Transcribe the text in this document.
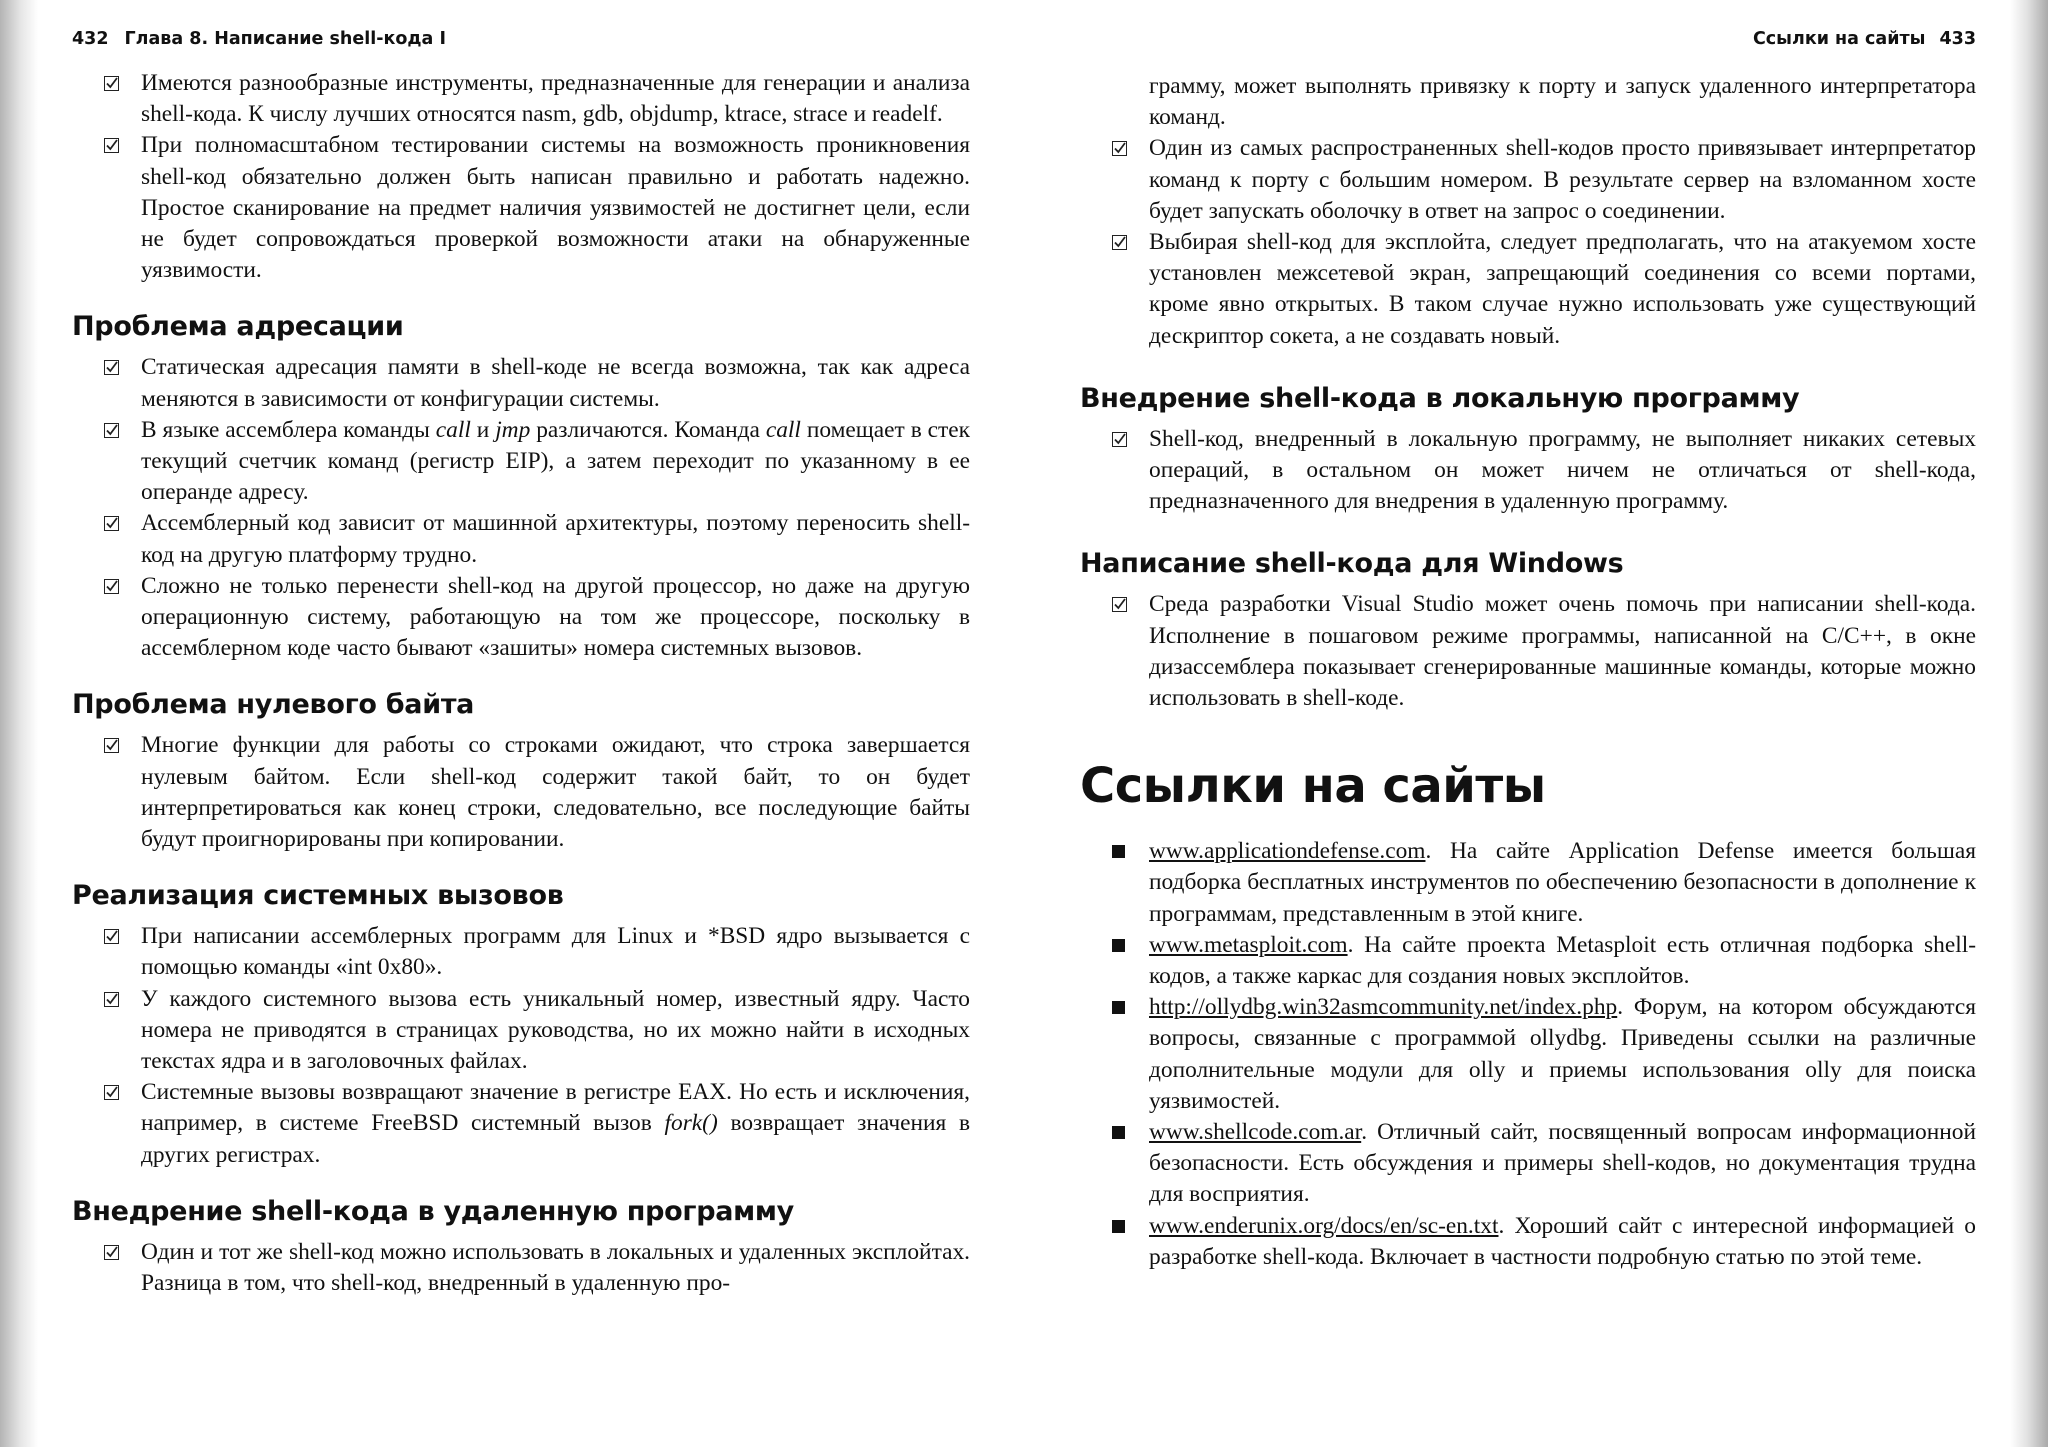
432 Глава 8. Написание shell-кода I
Имеются разнообразные инструменты, предназначенные для генерации и анализа shell-кода. К числу лучших относятся nasm, gdb, objdump, ktrace, strace и readelf.
При полномасштабном тестировании системы на возможность проникновения shell-код обязательно должен быть написан правильно и работать надежно. Простое сканирование на предмет наличия уязвимостей не достигнет цели, если не будет сопровождаться проверкой возможности атаки на обнаруженные уязвимости.
Проблема адресации
Статическая адресация памяти в shell-коде не всегда возможна, так как адреса меняются в зависимости от конфигурации системы.
В языке ассемблера команды call и jmp различаются. Команда call помещает в стек текущий счетчик команд (регистр EIP), а затем переходит по указанному в ее операнде адресу.
Ассемблерный код зависит от машинной архитектуры, поэтому переносить shell-код на другую платформу трудно.
Сложно не только перенести shell-код на другой процессор, но даже на другую операционную систему, работающую на том же процессоре, поскольку в ассемблерном коде часто бывают «зашиты» номера системных вызовов.
Проблема нулевого байта
Многие функции для работы со строками ожидают, что строка завершается нулевым байтом. Если shell-код содержит такой байт, то он будет интерпретироваться как конец строки, следовательно, все последующие байты будут проигнорированы при копировании.
Реализация системных вызовов
При написании ассемблерных программ для Linux и *BSD ядро вызывается с помощью команды «int 0x80».
У каждого системного вызова есть уникальный номер, известный ядру. Часто номера не приводятся в страницах руководства, но их можно найти в исходных текстах ядра и в заголовочных файлах.
Системные вызовы возвращают значение в регистре EAX. Но есть и исключения, например, в системе FreeBSD системный вызов fork() возвращает значения в других регистрах.
Внедрение shell-кода в удаленную программу
Один и тот же shell-код можно использовать в локальных и удаленных эксплойтах. Разница в том, что shell-код, внедренный в удаленную про-
Ссылки на сайты 433
грамму, может выполнять привязку к порту и запуск удаленного интерпретатора команд.
Один из самых распространенных shell-кодов просто привязывает интерпретатор команд к порту с большим номером. В результате сервер на взломанном хосте будет запускать оболочку в ответ на запрос о соединении.
Выбирая shell-код для эксплойта, следует предполагать, что на атакуемом хосте установлен межсетевой экран, запрещающий соединения со всеми портами, кроме явно открытых. В таком случае нужно использовать уже существующий дескриптор сокета, а не создавать новый.
Внедрение shell-кода в локальную программу
Shell-код, внедренный в локальную программу, не выполняет никаких сетевых операций, в остальном он может ничем не отличаться от shell-кода, предназначенного для внедрения в удаленную программу.
Написание shell-кода для Windows
Среда разработки Visual Studio может очень помочь при написании shell-кода. Исполнение в пошаговом режиме программы, написанной на C/C++, в окне дизассемблера показывает сгенерированные машинные команды, которые можно использовать в shell-коде.
Ссылки на сайты
www.applicationdefense.com. На сайте Application Defense имеется большая подборка бесплатных инструментов по обеспечению безопасности в дополнение к программам, представленным в этой книге.
www.metasploit.com. На сайте проекта Metasploit есть отличная подборка shell-кодов, а также каркас для создания новых эксплойтов.
http://ollydbg.win32asmcommunity.net/index.php. Форум, на котором обсуждаются вопросы, связанные с программой ollydbg. Приведены ссылки на различные дополнительные модули для olly и приемы использования olly для поиска уязвимостей.
www.shellcode.com.ar. Отличный сайт, посвященный вопросам информационной безопасности. Есть обсуждения и примеры shell-кодов, но документация трудна для восприятия.
www.enderunix.org/docs/en/sc-en.txt. Хороший сайт с интересной информацией о разработке shell-кода. Включает в частности подробную статью по этой теме.
